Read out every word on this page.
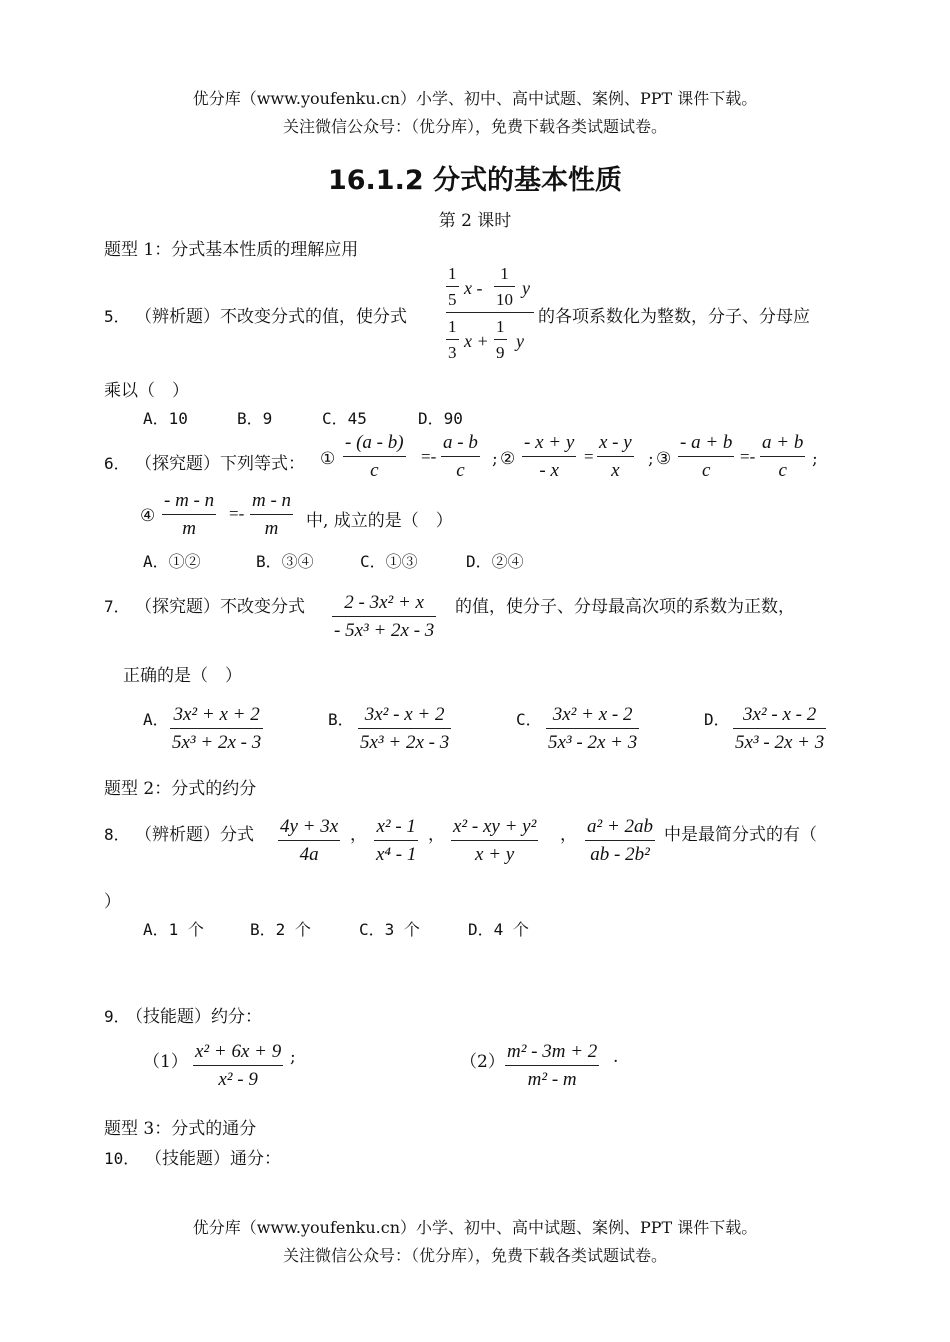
优分库（www.youfenku.cn）小学、初中、高中试题、案例、PPT 课件下载。
关注微信公众号：（优分库），免费下载各类试题试卷。
16.1.2 分式的基本性质
第 2 课时
题型 1：分式基本性质的理解应用
5． （辨析题）不改变分式的值，使分式
$\frac{1}{5}$ x - $\frac{1}{10}$ y
$\frac{1}{3}$ $x + \frac{1}{9}$ y
的各项系数化为整数，分子、分母应
乘以（　）
A．10	B．9	C．45	D．90
6． （探究题）下列等式： ① $\frac{- (a - b)}{c} =- \frac{a - b}{c}$ ; ② $\frac{- x + y}{- x} = \frac{x - y}{x}$ ; ③ $\frac{- a + b}{c} =- \frac{a + b}{c}$ ;
④ $\frac{- m - n}{m} =- \frac{m - n}{m}$ 中, 成立的是（　）
A．①②	B．③④	C．①③	D．②④
7． （探究题）不改变分式 $\frac{\text{2 - 3x² + x}}{\text{- 5x³ + 2x - 3}}$ 的值，使分子、分母最高次项的系数为正数，
正确的是（　）
A． $\frac{\text{3x² + x + 2}}{\text{5x³ + 2x - 3}}$	B． $\frac{\text{3x² - x + 2}}{\text{5x³ + 2x - 3}}$	C． $\frac{\text{3x² + x - 2}}{\text{5x³ - 2x + 3}}$	D． $\frac{\text{3x² - x - 2}}{\text{5x³ - 2x + 3}}$
题型 2：分式的约分
8． （辨析题）分式 $\frac{4y + 3x}{4a}$ ， $\frac{\text{x² - 1}}{\text{x⁴ - 1}}$ ， $\frac{\text{x² - xy + y²}}{x + y}$ ， $\frac{\text{a² + 2ab}}{\text{ab - 2b²}}$ 中是最简分式的有（
）
A．1 个	B．2 个	C．3 个	D．4 个
9．
（技能题）约分：
$(1) \frac{\text{x² + 6x + 9}}{\text{x² - 9}}$ ;	$(2) \frac{\text{m² - 3m + 2}}{\text{m² - m}}$ .
题型 3：分式的通分
10． （技能题）通分：
优分库（www.youfenku.cn）小学、初中、高中试题、案例、PPT 课件下载。
关注微信公众号：（优分库），免费下载各类试题试卷。
